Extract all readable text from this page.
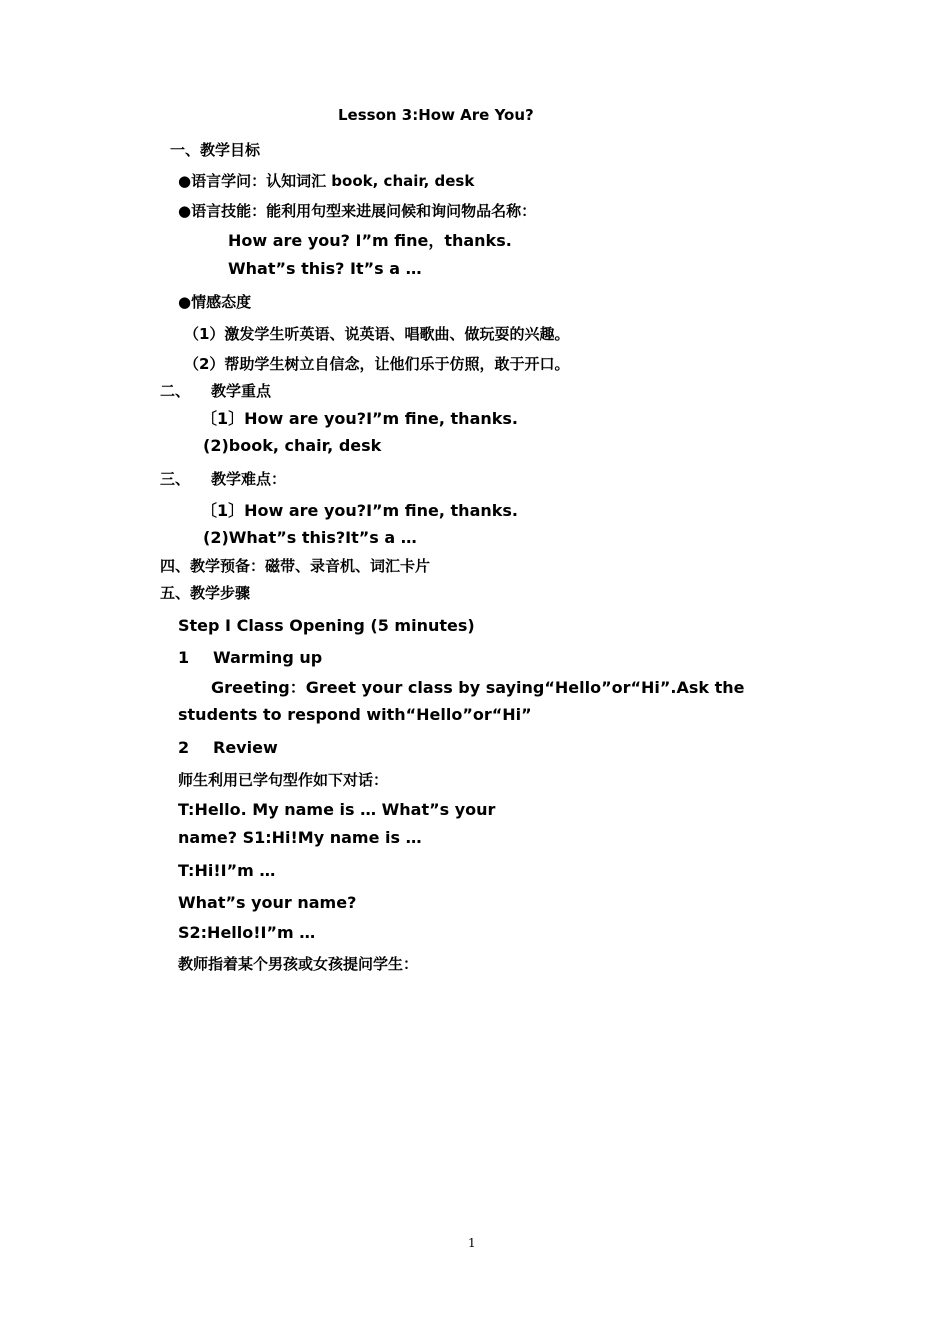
Lesson 3:How Are You?
一、教学目标
●语言学问：认知词汇 book, chair, desk
●语言技能：能利用句型来进展问候和询问物品名称：
How are you? I”m fine，thanks.
What”s this? It”s a …
●情感态度
（1）激发学生听英语、说英语、唱歌曲、做玩耍的兴趣。
（2）帮助学生树立自信念，让他们乐于仿照，敢于开口。
二、 教学重点
〔1〕How are you?I”m fine, thanks.
(2)book, chair, desk
三、 教学难点：
〔1〕How are you?I”m fine, thanks.
(2)What”s this?It”s a …
四、教学预备：磁带、录音机、词汇卡片
五、教学步骤
Step I Class Opening (5 minutes)
1 Warming up
Greeting：Greet your class by saying“Hello”or“Hi”.Ask the
students to respond with“Hello”or“Hi”
2 Review
师生利用已学句型作如下对话：
T:Hello. My name is … What”s your
name? S1:Hi!My name is …
T:Hi!I”m …
What”s your name?
S2:Hello!I”m …
教师指着某个男孩或女孩提问学生：
1
